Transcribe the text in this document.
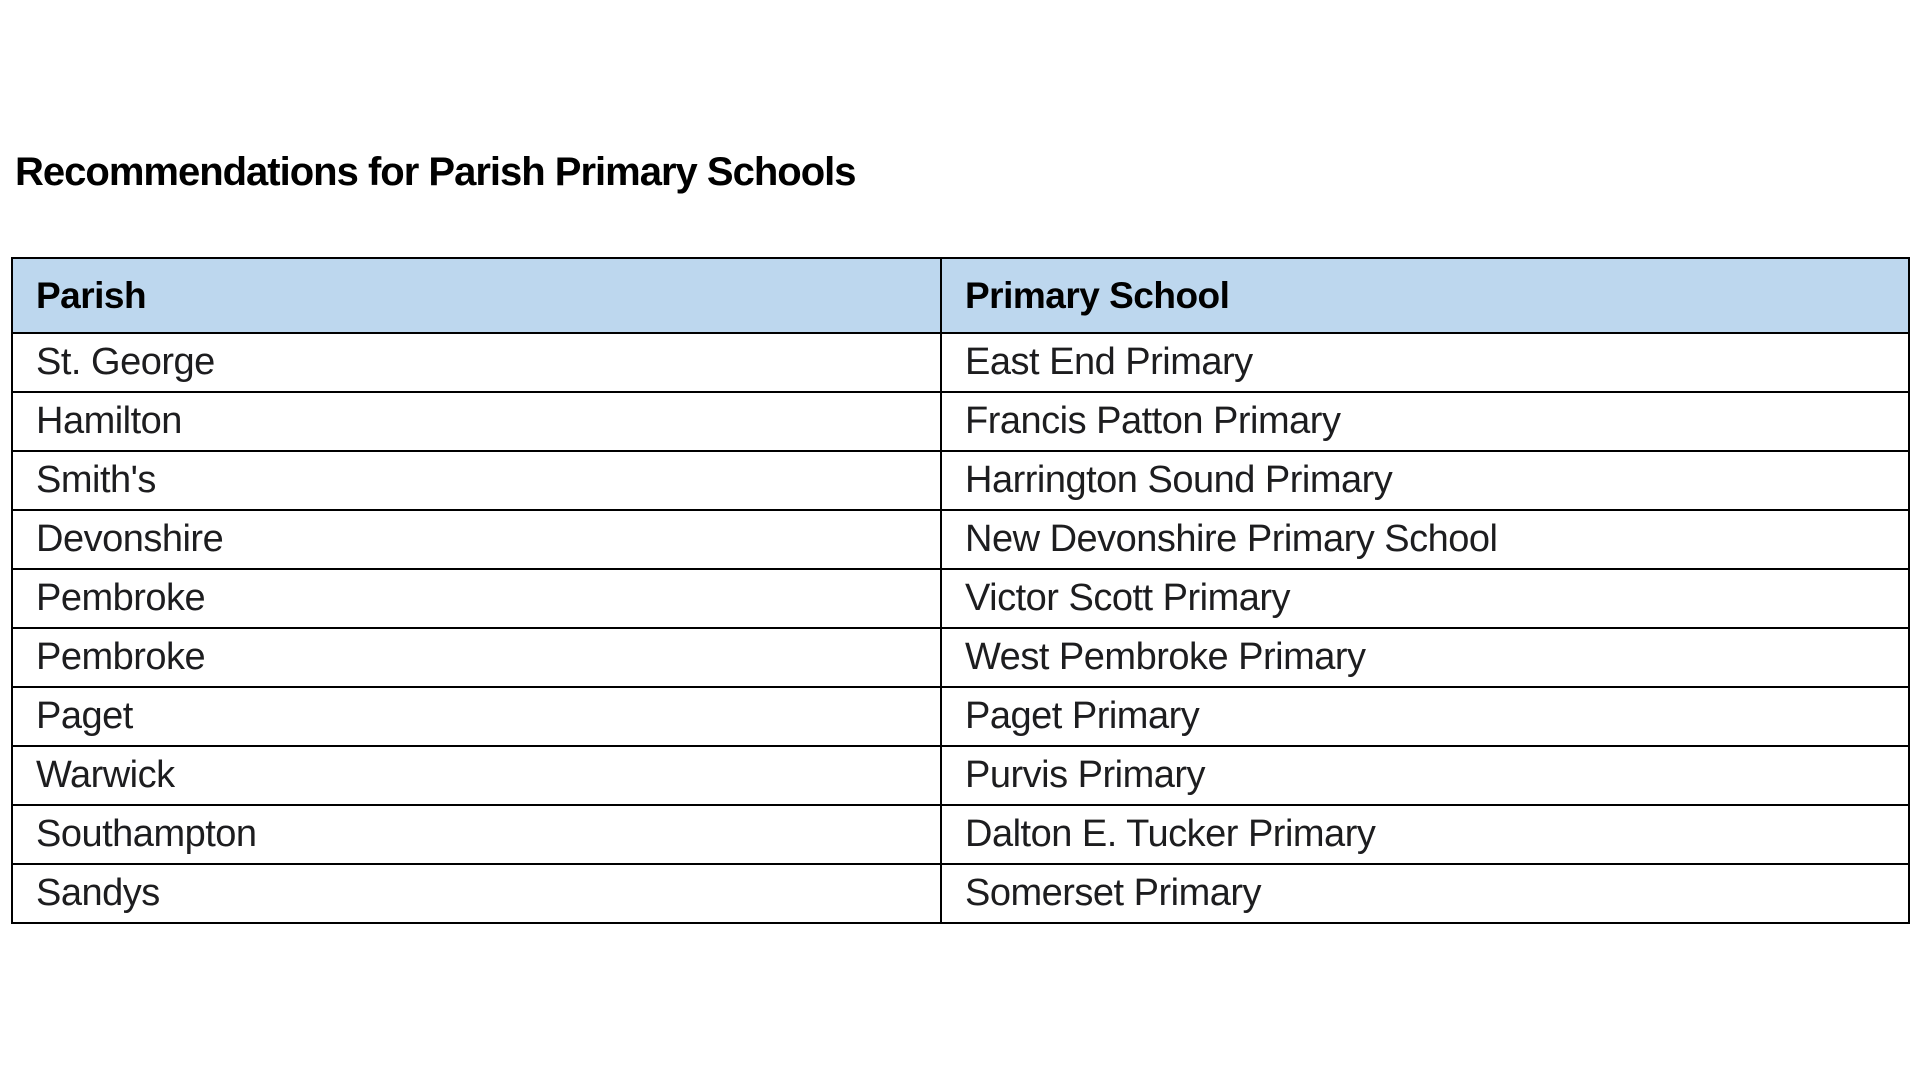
Recommendations for Parish Primary Schools
Parish	Primary School
St. George	East End Primary
Hamilton	Francis Patton Primary
Smith's	Harrington Sound Primary
Devonshire	New Devonshire Primary School
Pembroke	Victor Scott Primary
Pembroke	West Pembroke Primary
Paget	Paget Primary
Warwick	Purvis Primary
Southampton	Dalton E. Tucker Primary
Sandys	Somerset Primary
